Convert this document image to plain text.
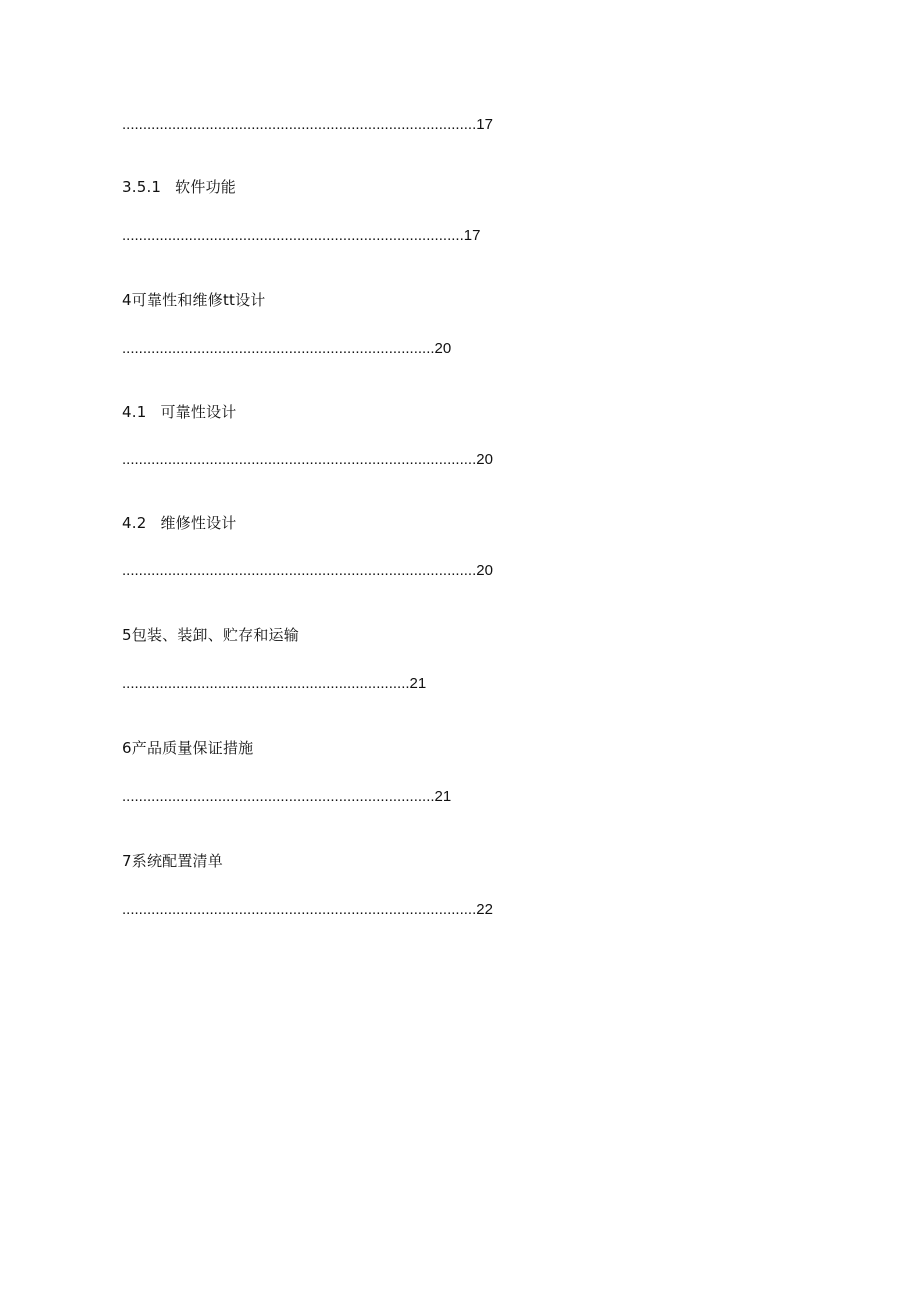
.....................................................................................17
3.5.1 软件功能
..................................................................................17
4可靠性和维修tt设计
...........................................................................20
4.1 可靠性设计
.....................................................................................20
4.2 维修性设计
.....................................................................................20
5包装、装卸、贮存和运输
.....................................................................21
6产品质量保证措施
...........................................................................21
7系统配置清单
.....................................................................................22
